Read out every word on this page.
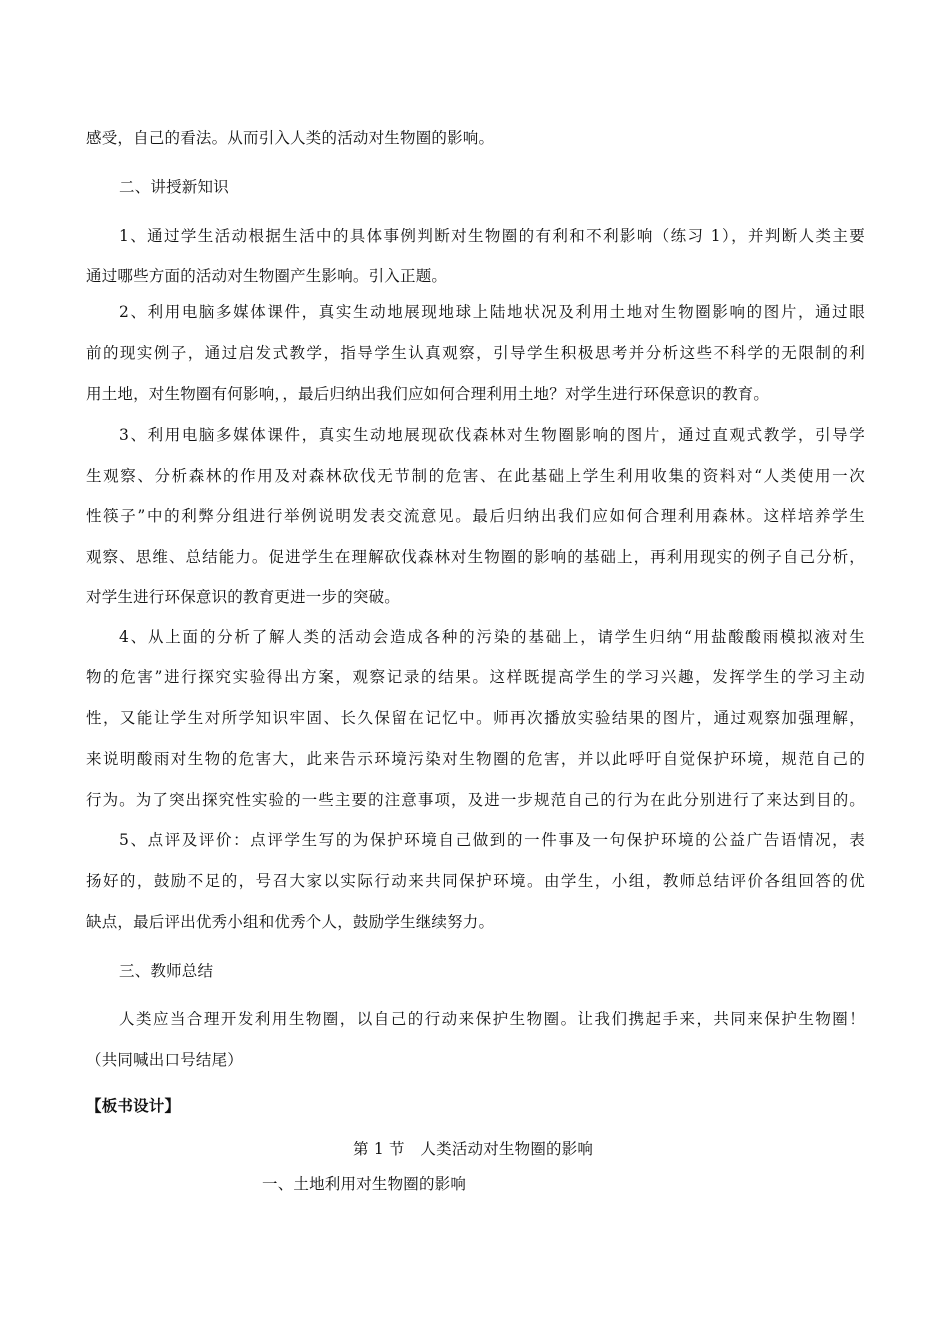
感受，自己的看法。从而引入人类的活动对生物圈的影响。
二、讲授新知识
1、通过学生活动根据生活中的具体事例判断对生物圈的有利和不利影响（练习 1），并判断人类主要
通过哪些方面的活动对生物圈产生影响。引入正题。
2、利用电脑多媒体课件，真实生动地展现地球上陆地状况及利用土地对生物圈影响的图片，通过眼
前的现实例子，通过启发式教学，指导学生认真观察，引导学生积极思考并分析这些不科学的无限制的利
用土地，对生物圈有何影响，，最后归纳出我们应如何合理利用土地？对学生进行环保意识的教育。
3、利用电脑多媒体课件，真实生动地展现砍伐森林对生物圈影响的图片，通过直观式教学，引导学
生观察、分析森林的作用及对森林砍伐无节制的危害、在此基础上学生利用收集的资料对“人类使用一次
性筷子”中的利弊分组进行举例说明发表交流意见。最后归纳出我们应如何合理利用森林。这样培养学生
观察、思维、总结能力。促进学生在理解砍伐森林对生物圈的影响的基础上，再利用现实的例子自己分析，
对学生进行环保意识的教育更进一步的突破。
4、从上面的分析了解人类的活动会造成各种的污染的基础上，请学生归纳“用盐酸酸雨模拟液对生
物的危害”进行探究实验得出方案，观察记录的结果。这样既提高学生的学习兴趣，发挥学生的学习主动
性，又能让学生对所学知识牢固、长久保留在记忆中。师再次播放实验结果的图片，通过观察加强理解，
来说明酸雨对生物的危害大，此来告示环境污染对生物圈的危害，并以此呼吁自觉保护环境，规范自己的
行为。为了突出探究性实验的一些主要的注意事项，及进一步规范自己的行为在此分别进行了来达到目的。
5、点评及评价：点评学生写的为保护环境自己做到的一件事及一句保护环境的公益广告语情况，表
扬好的，鼓励不足的，号召大家以实际行动来共同保护环境。由学生，小组，教师总结评价各组回答的优
缺点，最后评出优秀小组和优秀个人，鼓励学生继续努力。
三、教师总结
人类应当合理开发利用生物圈，以自己的行动来保护生物圈。让我们携起手来，共同来保护生物圈！
（共同喊出口号结尾）
【板书设计】
第 1 节　人类活动对生物圈的影响
一、土地利用对生物圈的影响
